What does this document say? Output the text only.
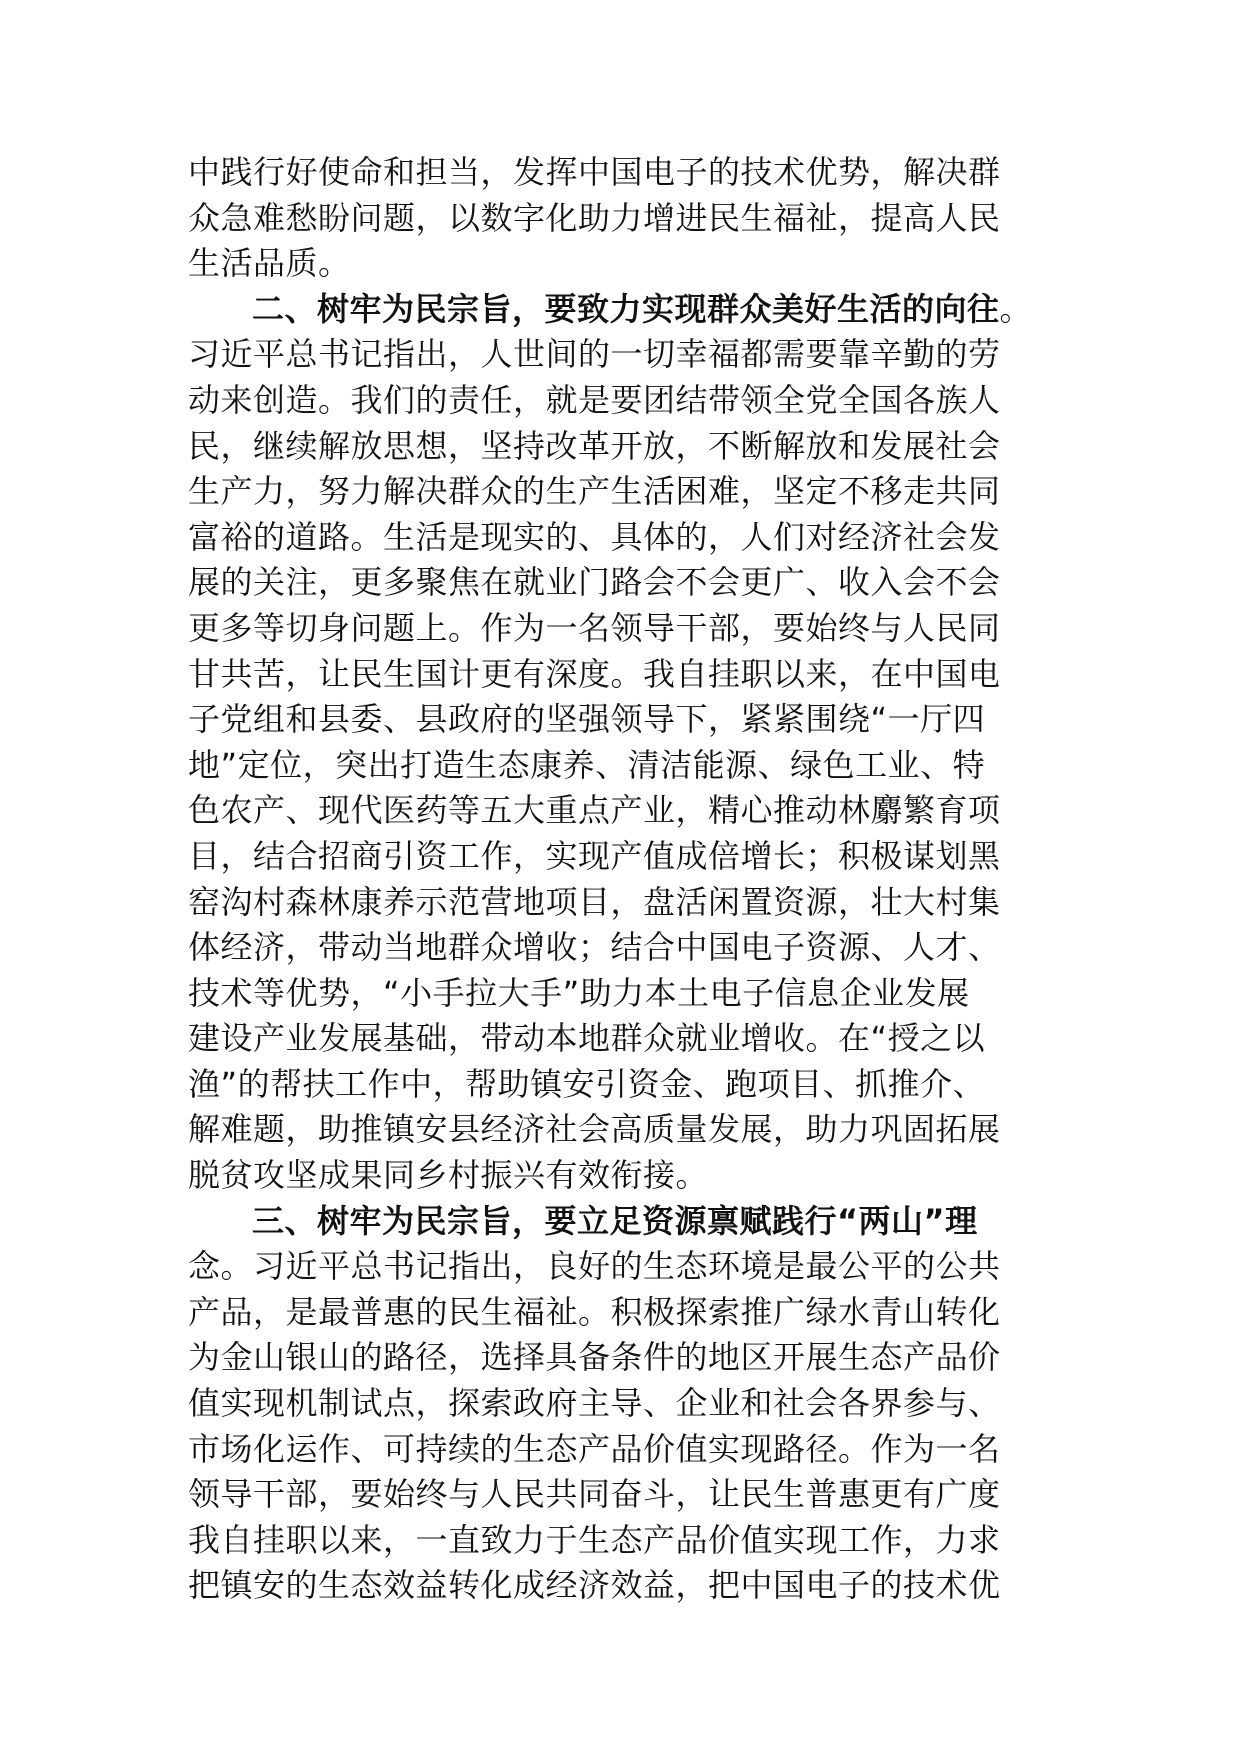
中践行好使命和担当，发挥中国电子的技术优势，解决群
众急难愁盼问题，以数字化助力增进民生福祉，提高人民
生活品质。
二、树牢为民宗旨，要致力实现群众美好生活的向往。
习近平总书记指出，人世间的一切幸福都需要靠辛勤的劳
动来创造。我们的责任，就是要团结带领全党全国各族人
民，继续解放思想，坚持改革开放，不断解放和发展社会
生产力，努力解决群众的生产生活困难，坚定不移走共同
富裕的道路。生活是现实的、具体的，人们对经济社会发
展的关注，更多聚焦在就业门路会不会更广、收入会不会
更多等切身问题上。作为一名领导干部，要始终与人民同
甘共苦，让民生国计更有深度。我自挂职以来，在中国电
子党组和县委、县政府的坚强领导下，紧紧围绕“一厅四
地”定位，突出打造生态康养、清洁能源、绿色工业、特
色农产、现代医药等五大重点产业，精心推动林麝繁育项
目，结合招商引资工作，实现产值成倍增长；积极谋划黑
窑沟村森林康养示范营地项目，盘活闲置资源，壮大村集
体经济，带动当地群众增收；结合中国电子资源、人才、
技术等优势，“小手拉大手”助力本土电子信息企业发展
建设产业发展基础，带动本地群众就业增收。在“授之以
渔”的帮扶工作中，帮助镇安引资金、跑项目、抓推介、
解难题，助推镇安县经济社会高质量发展，助力巩固拓展
脱贫攻坚成果同乡村振兴有效衔接。
三、树牢为民宗旨，要立足资源禀赋践行“两山”理
念。习近平总书记指出，良好的生态环境是最公平的公共
产品，是最普惠的民生福祉。积极探索推广绿水青山转化
为金山银山的路径，选择具备条件的地区开展生态产品价
值实现机制试点，探索政府主导、企业和社会各界参与、
市场化运作、可持续的生态产品价值实现路径。作为一名
领导干部，要始终与人民共同奋斗，让民生普惠更有广度
我自挂职以来，一直致力于生态产品价值实现工作，力求
把镇安的生态效益转化成经济效益，把中国电子的技术优
